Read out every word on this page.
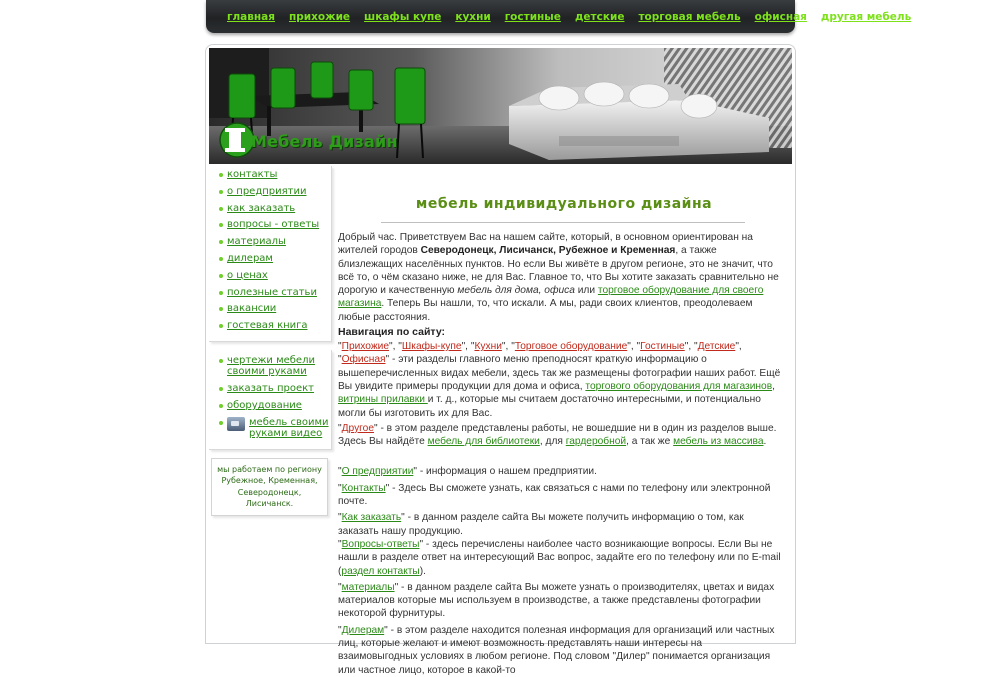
главная прихожие шкафы купе кухни гостиные детские торговая мебель офисная другая мебель
Мебель Дизайн
контакты
о предприятии
как заказать
вопросы - ответы
материалы
дилерам
о ценах
полезные статьи
вакансии
гостевая книга
чертежи мебели своими руками
заказать проект
оборудование
мебель своими руками видео
мы работаем по региону
Рубежное, Кременная,
Северодонецк, Лисичанск.
мебель индивидуального дизайна

Добрый час. Приветствуем Вас на нашем сайте, который, в основном ориентирован на жителей городов Северодонецк, Лисичанск, Рубежное и Кременная, а также близлежащих населённых пунктов. Но если Вы живёте в другом регионе, это не значит, что всё то, о чём сказано ниже, не для Вас. Главное то, что Вы хотите заказать сравнительно не дорогую и качественную мебель для дома, офиса или торговое оборудование для своего магазина. Теперь Вы нашли, то, что искали. А мы, ради своих клиентов, преодолеваем любые расстояния.

Навигация по сайту:

"Прихожие", "Шкафы-купе", "Кухни", "Торговое оборудование", "Гостиные", "Детские", "Офисная" - эти разделы главного меню преподносят краткую информацию о вышеперечисленных видах мебели, здесь так же размещены фотографии наших работ. Ещё Вы увидите примеры продукции для дома и офиса, торгового оборудования для магазинов, витрины прилавки и т. д., которые мы считаем достаточно интересными, и потенциально могли бы изготовить их для Вас.

"Другое" - в этом разделе представлены работы, не вошедшие ни в один из разделов выше. Здесь Вы найдёте мебель для библиотеки, для гардеробной, а так же мебель из массива.

"О предприятии" - информация о нашем предприятии.

"Контакты" - Здесь Вы сможете узнать, как связаться с нами по телефону или электронной почте.

"Как заказать" - в данном разделе сайта Вы можете получить информацию о том, как заказать нашу продукцию.

"Вопросы-ответы" - здесь перечислены наиболее часто возникающие вопросы. Если Вы не нашли в разделе ответ на интересующий Вас вопрос, задайте его по телефону или по E-mail (раздел контакты).

"материалы" - в данном разделе сайта Вы можете узнать о производителях, цветах и видах материалов которые мы используем в производстве, а также представлены фотографии некоторой фурнитуры.

"Дилерам" - в этом разделе находится полезная информация для организаций или частных лиц, которые желают и имеют возможность представлять наши интересы на взаимовыгодных условиях в любом регионе. Под словом "Дилер" понимается организация или частное лицо, которое в какой-то
